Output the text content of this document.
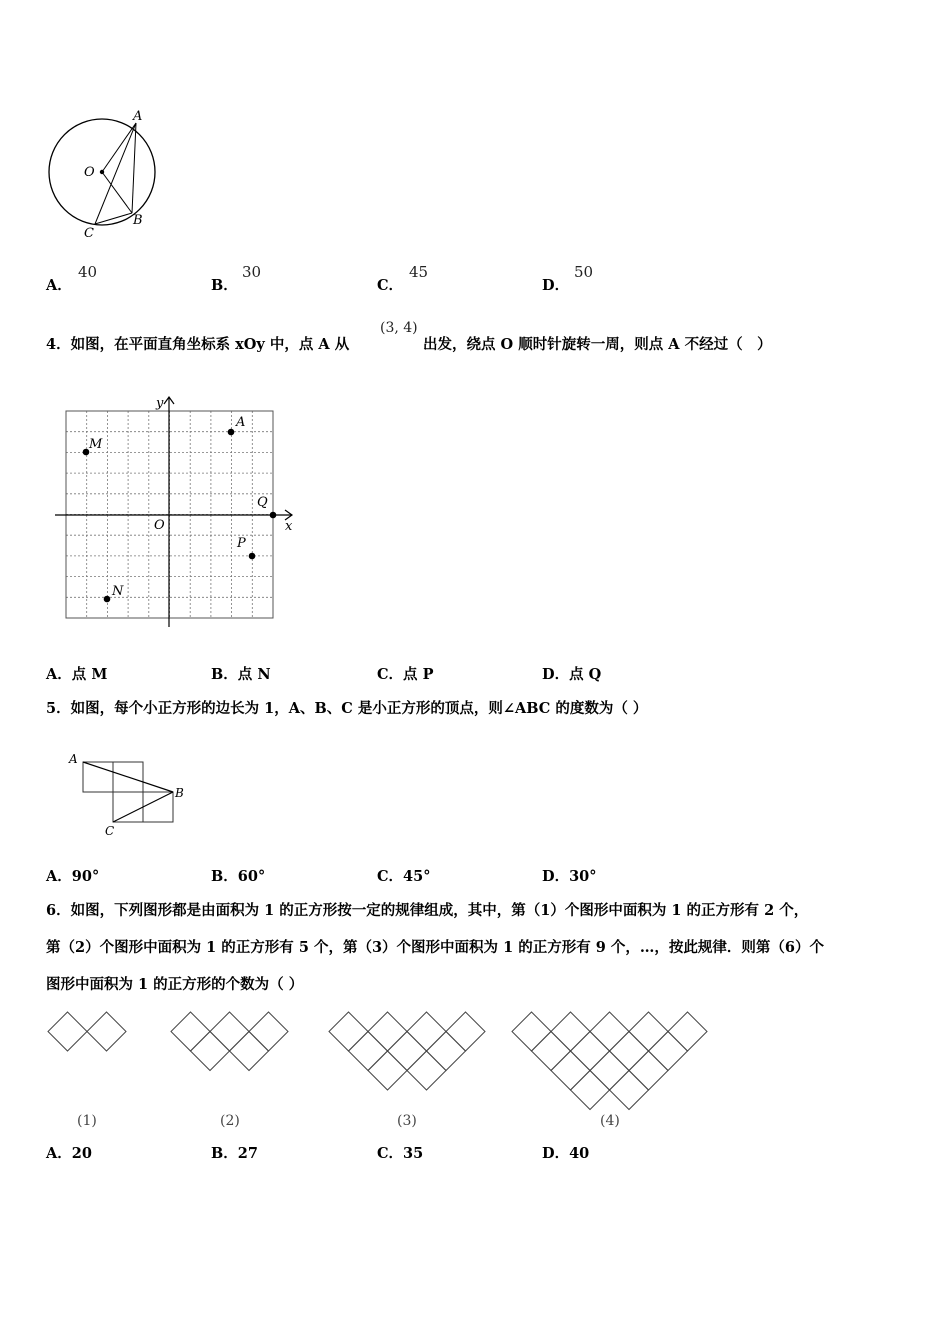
A
O
C
B
A．
40
B．
30
C．
45
D．
50
4．如图，在平面直角坐标系 xOy 中，点 A 从
(3, 4)
出发，绕点 O 顺时针旋转一周，则点 A 不经过（　）
y
x
O
A
M
Q
P
N
A．点 M	B．点 N	C．点 P	D．点 Q
5．如图，每个小正方形的边长为 1，A、B、C 是小正方形的顶点，则∠ABC 的度数为（ ）
A
B
C
A．90°	B．60°	C．45°	D．30°
6．如图，下列图形都是由面积为 1 的正方形按一定的规律组成，其中，第（1）个图形中面积为 1 的正方形有 2 个，
第（2）个图形中面积为 1 的正方形有 5 个，第（3）个图形中面积为 1 的正方形有 9 个，…，按此规律．则第（6）个
图形中面积为 1 的正方形的个数为（ ）
(1)	(2)	(3)	(4)
A．20	B．27	C．35	D．40
